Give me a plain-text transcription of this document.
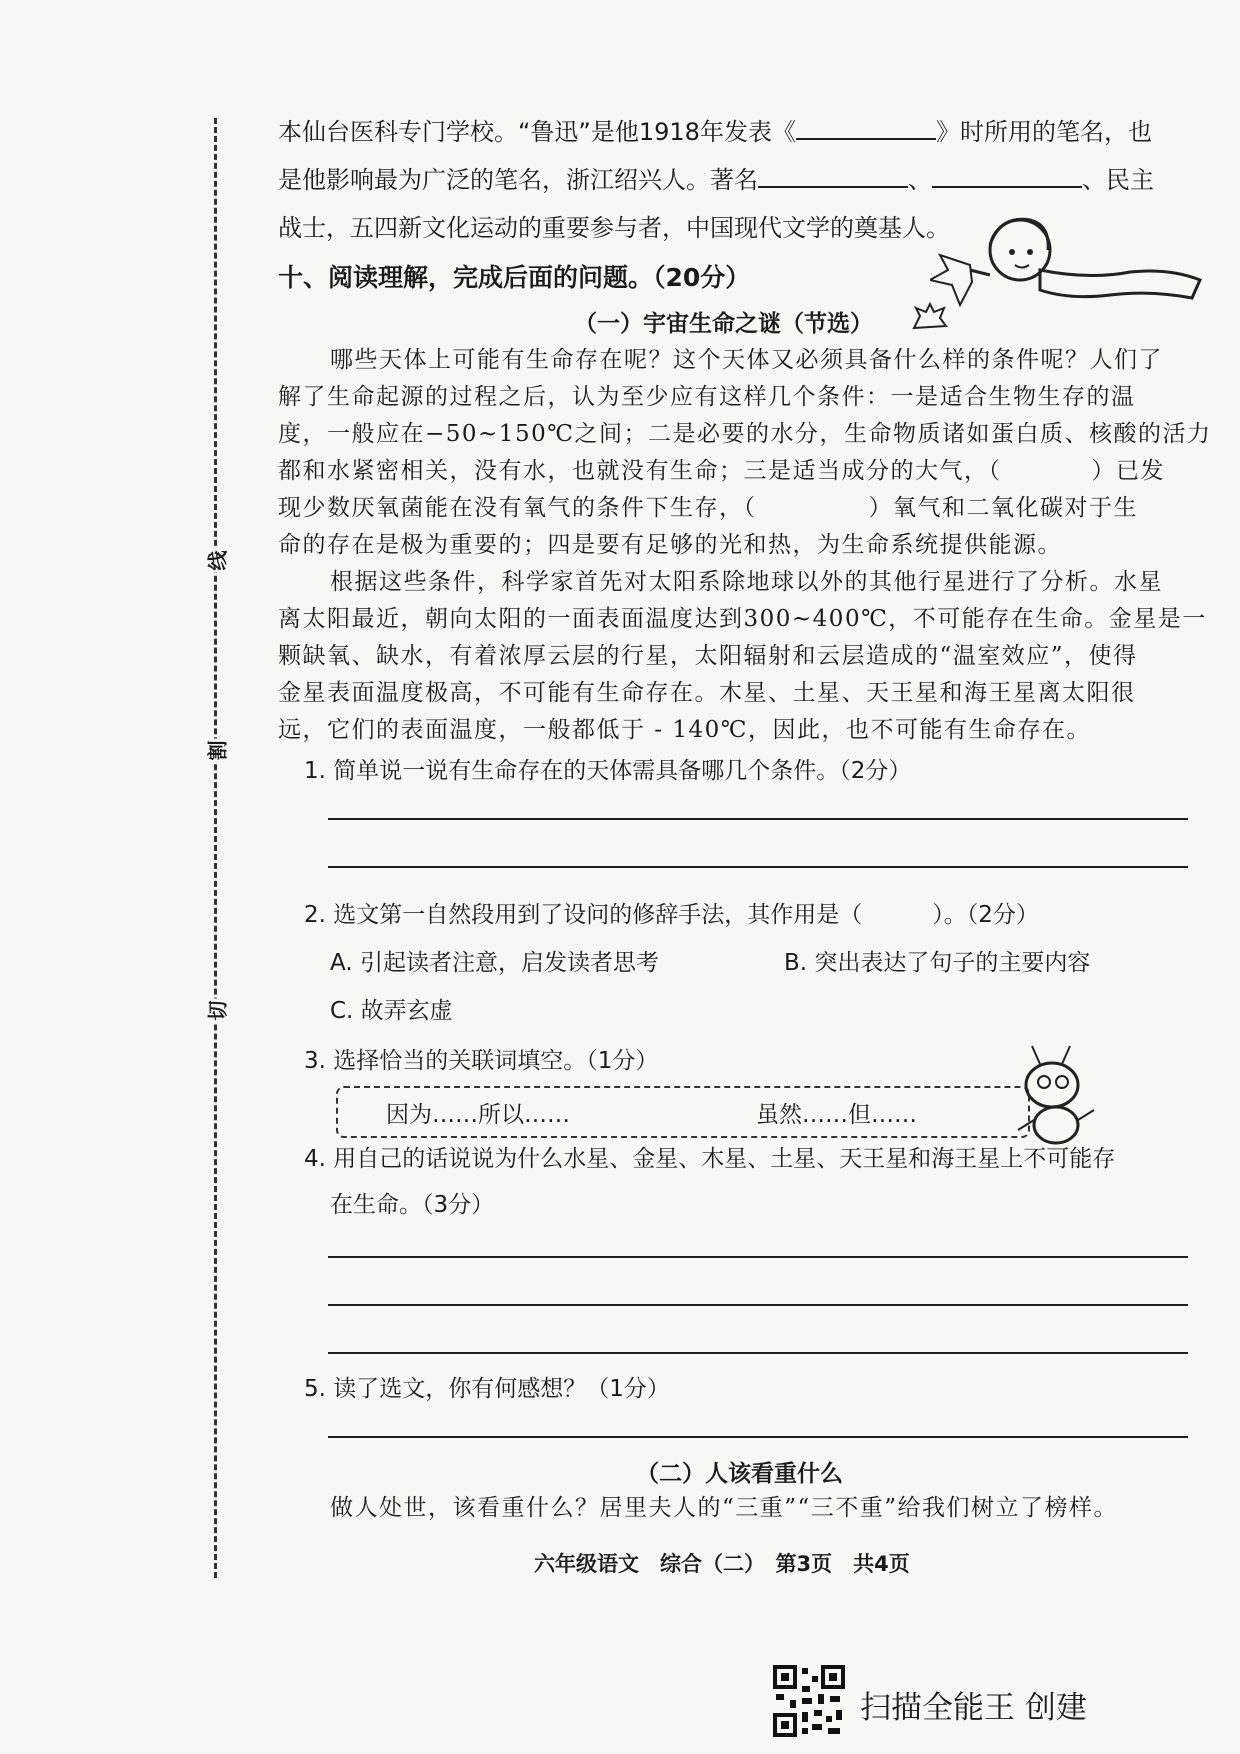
线
割
切
本仙台医科专门学校。“鲁迅”是他1918年发表《	》时所用的笔名，也
是他影响最为广泛的笔名，浙江绍兴人。著名	、	、民主
战士，五四新文化运动的重要参与者，中国现代文学的奠基人。
十、阅读理解，完成后面的问题。（20分）
（一）宇宙生命之谜（节选）
哪些天体上可能有生命存在呢？这个天体又必须具备什么样的条件呢？人们了
解了生命起源的过程之后，认为至少应有这样几个条件：一是适合生物生存的温
度，一般应在−50~150℃之间；二是必要的水分，生命物质诸如蛋白质、核酸的活力
都和水紧密相关，没有水，也就没有生命；三是适当成分的大气，（	）已发
现少数厌氧菌能在没有氧气的条件下生存，（	）氧气和二氧化碳对于生
命的存在是极为重要的；四是要有足够的光和热，为生命系统提供能源。
根据这些条件，科学家首先对太阳系除地球以外的其他行星进行了分析。水星
离太阳最近，朝向太阳的一面表面温度达到300~400℃，不可能存在生命。金星是一
颗缺氧、缺水，有着浓厚云层的行星，太阳辐射和云层造成的“温室效应”，使得
金星表面温度极高，不可能有生命存在。木星、土星、天王星和海王星离太阳很
远，它们的表面温度，一般都低于 - 140℃，因此，也不可能有生命存在。
1. 简单说一说有生命存在的天体需具备哪几个条件。（2分）
2. 选文第一自然段用到了设问的修辞手法，其作用是（	）。（2分）
A. 引起读者注意，启发读者思考	B. 突出表达了句子的主要内容
C. 故弄玄虚
3. 选择恰当的关联词填空。（1分）
因为……所以……	虽然……但……
4. 用自己的话说说为什么水星、金星、木星、土星、天王星和海王星上不可能存
在生命。（3分）
5. 读了选文，你有何感想？（1分）
（二）人该看重什么
做人处世，该看重什么？居里夫人的“三重”“三不重”给我们树立了榜样。
六年级语文　综合（二）　第3页　共4页
扫描全能王 创建
